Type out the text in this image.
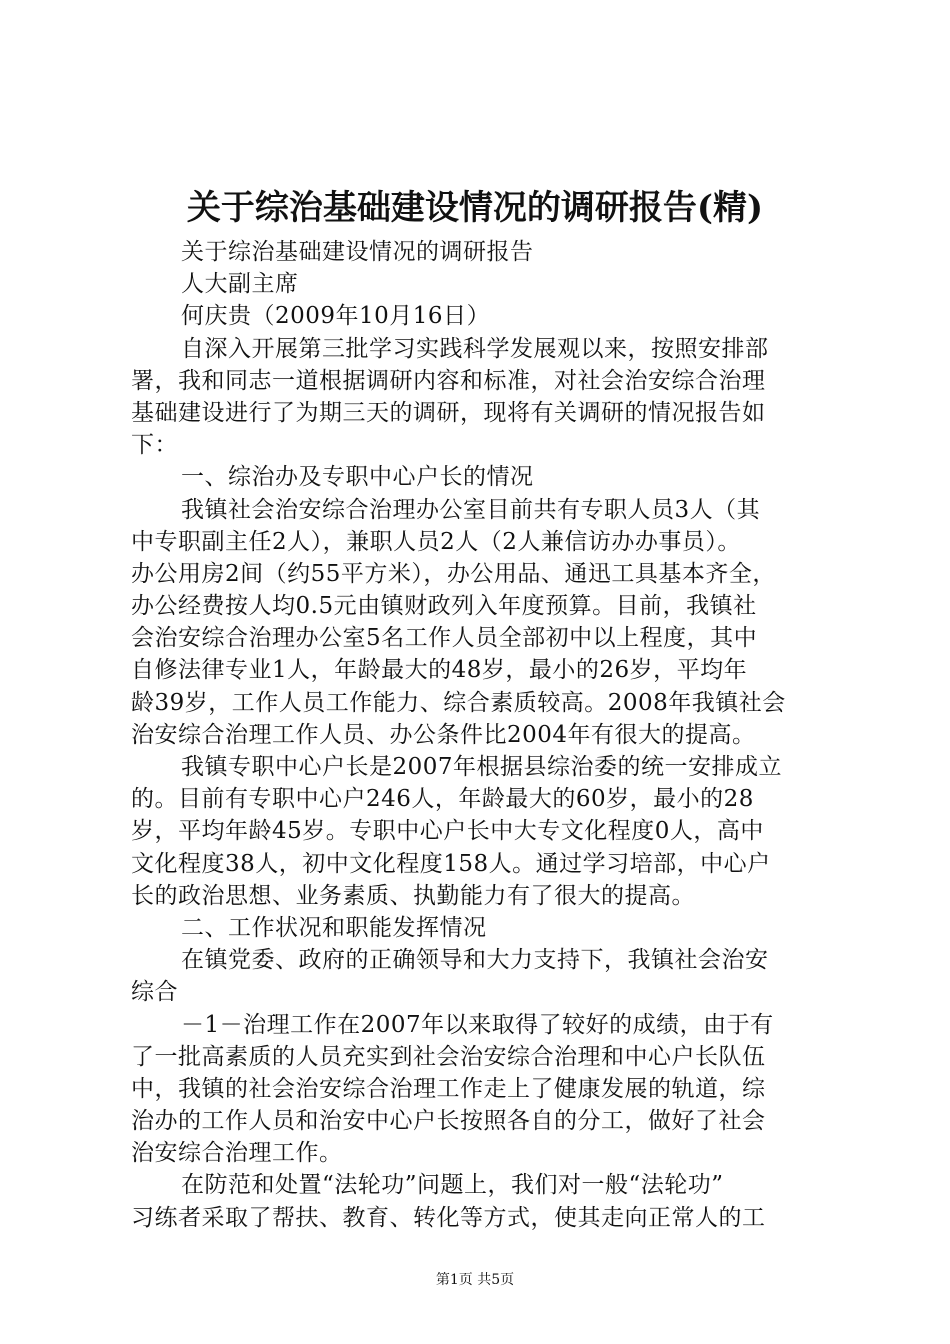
关于综治基础建设情况的调研报告(精)
关于综治基础建设情况的调研报告
人大副主席
何庆贵（2009年10月16日）
自深入开展第三批学习实践科学发展观以来，按照安排部
署，我和同志一道根据调研内容和标准，对社会治安综合治理
基础建设进行了为期三天的调研，现将有关调研的情况报告如
下：
一、综治办及专职中心户长的情况
我镇社会治安综合治理办公室目前共有专职人员3人（其
中专职副主任2人），兼职人员2人（2人兼信访办办事员）。
办公用房2间（约55平方米），办公用品、通迅工具基本齐全，
办公经费按人均0.5元由镇财政列入年度预算。目前，我镇社
会治安综合治理办公室5名工作人员全部初中以上程度，其中
自修法律专业1人，年龄最大的48岁，最小的26岁，平均年
龄39岁，工作人员工作能力、综合素质较高。2008年我镇社会
治安综合治理工作人员、办公条件比2004年有很大的提高。
我镇专职中心户长是2007年根据县综治委的统一安排成立
的。目前有专职中心户246人，年龄最大的60岁，最小的28
岁，平均年龄45岁。专职中心户长中大专文化程度0人，高中
文化程度38人，初中文化程度158人。通过学习培部，中心户
长的政治思想、业务素质、执勤能力有了很大的提高。
二、工作状况和职能发挥情况
在镇党委、政府的正确领导和大力支持下，我镇社会治安
综合
－1－治理工作在2007年以来取得了较好的成绩，由于有
了一批高素质的人员充实到社会治安综合治理和中心户长队伍
中，我镇的社会治安综合治理工作走上了健康发展的轨道，综
治办的工作人员和治安中心户长按照各自的分工，做好了社会
治安综合治理工作。
在防范和处置“法轮功”问题上，我们对一般“法轮功”
习练者采取了帮扶、教育、转化等方式，使其走向正常人的工
第1页 共5页
